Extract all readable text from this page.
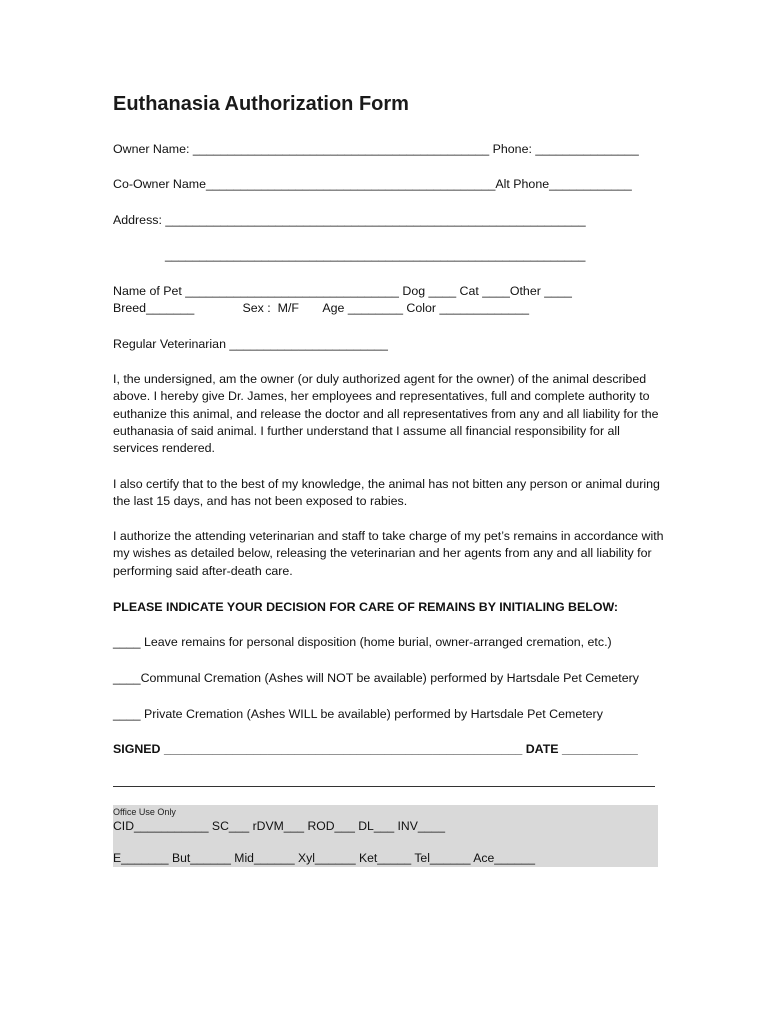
Euthanasia Authorization Form
Owner Name: ___________________________________________ Phone: _______________
Co-Owner Name__________________________________________Alt Phone____________
Address: _____________________________________________________________
_____________________________________________________________
Name of Pet _______________________________ Dog ____ Cat ____Other ____
Breed_______              Sex :  M/F       Age ________ Color _____________
Regular Veterinarian _______________________
I, the undersigned, am the owner (or duly authorized agent for the owner) of the animal described above. I hereby give Dr. James, her employees and representatives, full and complete authority to euthanize this animal, and release the doctor and all representatives from any and all liability for the euthanasia of said animal. I further understand that I assume all financial responsibility for all services rendered.
I also certify that to the best of my knowledge, the animal has not bitten any person or animal during the last 15 days, and has not been exposed to rabies.
I authorize the attending veterinarian and staff to take charge of my pet’s remains in accordance with my wishes as detailed below, releasing the veterinarian and her agents from any and all liability for performing said after-death care.
PLEASE INDICATE YOUR DECISION FOR CARE OF REMAINS BY INITIALING BELOW:
____ Leave remains for personal disposition (home burial, owner-arranged cremation, etc.)
____Communal Cremation (Ashes will NOT be available) performed by Hartsdale Pet Cemetery
____ Private Cremation (Ashes WILL be available) performed by Hartsdale Pet Cemetery
SIGNED ____________________________________________________ DATE ___________
Office Use Only
CID___________ SC___ rDVM___ ROD___ DL___ INV____
E_______ But______ Mid______ Xyl______ Ket_____ Tel______ Ace______
